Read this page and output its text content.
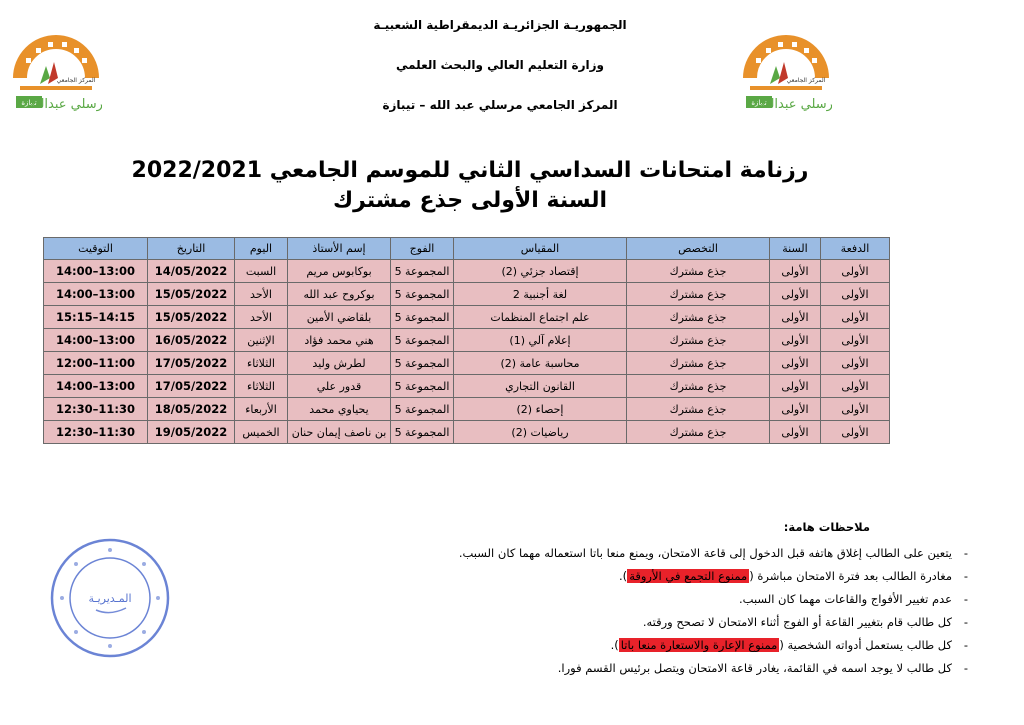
المركز الجامعي
تيبازة	رسلي عبدالله
المركز الجامعي
تيبازة	رسلي عبدالله
الجمهوريـة الجزائريـة الديمقراطية الشعبيـة
وزارة التعليم العالي والبحث العلمي
المركز الجامعي مرسلي عبد الله – تيبازة
رزنامة امتحانات السداسي الثاني للموسم الجامعي 2022/2021
السنة الأولى جذع مشترك
الدفعة	السنة	التخصص	المقياس	الفوج	إسم الأستاذ	اليوم	التاريخ	التوقيت
الأولى	الأولى	جذع مشترك	إقتصاد جزئي (2)	المجموعة 5	بوكابوس مريم	السبت	14/05/2022	14:00–13:00
الأولى	الأولى	جذع مشترك	لغة أجنبية 2	المجموعة 5	بوكروح عبد الله	الأحد	15/05/2022	14:00–13:00
الأولى	الأولى	جذع مشترك	علم اجتماع المنظمات	المجموعة 5	بلقاضي الأمين	الأحد	15/05/2022	15:15–14:15
الأولى	الأولى	جذع مشترك	إعلام آلي (1)	المجموعة 5	هني محمد فؤاد	الإثنين	16/05/2022	14:00–13:00
الأولى	الأولى	جذع مشترك	محاسبة عامة (2)	المجموعة 5	لطرش وليد	الثلاثاء	17/05/2022	12:00–11:00
الأولى	الأولى	جذع مشترك	القانون التجاري	المجموعة 5	قدور علي	الثلاثاء	17/05/2022	14:00–13:00
الأولى	الأولى	جذع مشترك	إحصاء (2)	المجموعة 5	يحياوي محمد	الأربعاء	18/05/2022	12:30–11:30
الأولى	الأولى	جذع مشترك	رياضيات (2)	المجموعة 5	بن ناصف إيمان حنان	الخميس	19/05/2022	12:30–11:30
ملاحظات هامة:
-
يتعين على الطالب إغلاق هاتفه قبل الدخول إلى قاعة الامتحان، ويمنع منعا باتا استعماله مهما كان السبب.
-
مغادرة الطالب بعد فترة الامتحان مباشرة (ممنوع التجمع في الأروقة).
-
عدم تغيير الأفواج والقاعات مهما كان السبب.
-
كل طالب قام بتغيير القاعة أو الفوج أثناء الامتحان لا تصحح ورقته.
-
كل طالب يستعمل أدواته الشخصية (ممنوع الإعارة والاستعارة منعا باتا).
-
كل طالب لا يوجد اسمه في القائمة، يغادر قاعة الامتحان ويتصل برئيس القسم فورا.
المـديريـة
